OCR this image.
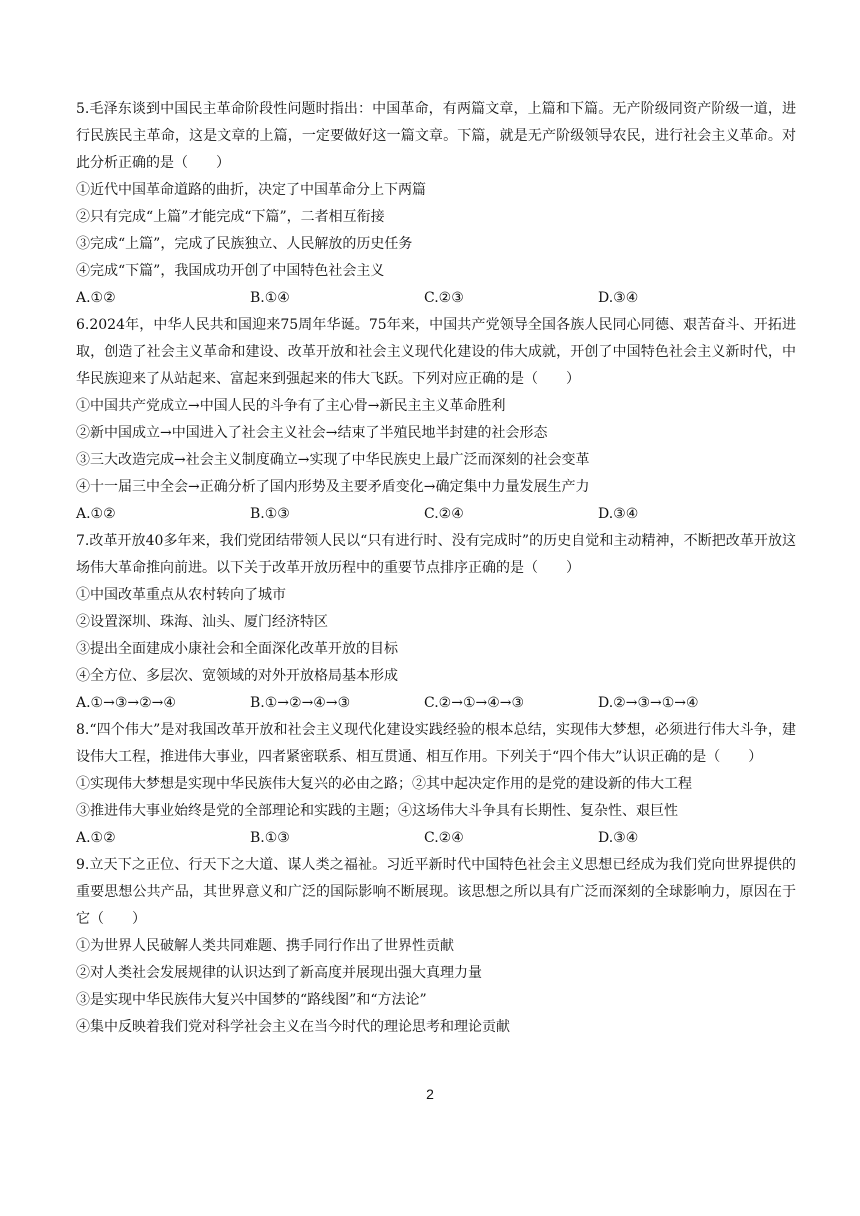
5.毛泽东谈到中国民主革命阶段性问题时指出：中国革命，有两篇文章，上篇和下篇。无产阶级同资产阶级一道，进行民族民主革命，这是文章的上篇，一定要做好这一篇文章。下篇，就是无产阶级领导农民，进行社会主义革命。对此分析正确的是（　　）

①近代中国革命道路的曲折，决定了中国革命分上下两篇

②只有完成“上篇”才能完成“下篇”，二者相互衔接

③完成“上篇”，完成了民族独立、人民解放的历史任务

④完成“下篇”，我国成功开创了中国特色社会主义

A.①②	B.①④	C.②③	D.③④

6.2024年，中华人民共和国迎来75周年华诞。75年来，中国共产党领导全国各族人民同心同德、艰苦奋斗、开拓进取，创造了社会主义革命和建设、改革开放和社会主义现代化建设的伟大成就，开创了中国特色社会主义新时代，中华民族迎来了从站起来、富起来到强起来的伟大飞跃。下列对应正确的是（　　）

①中国共产党成立→中国人民的斗争有了主心骨→新民主主义革命胜利

②新中国成立→中国进入了社会主义社会→结束了半殖民地半封建的社会形态

③三大改造完成→社会主义制度确立→实现了中华民族史上最广泛而深刻的社会变革

④十一届三中全会→正确分析了国内形势及主要矛盾变化→确定集中力量发展生产力

A.①②	B.①③	C.②④	D.③④

7.改革开放40多年来，我们党团结带领人民以“只有进行时、没有完成时”的历史自觉和主动精神，不断把改革开放这场伟大革命推向前进。以下关于改革开放历程中的重要节点排序正确的是（　　）

①中国改革重点从农村转向了城市

②设置深圳、珠海、汕头、厦门经济特区

③提出全面建成小康社会和全面深化改革开放的目标

④全方位、多层次、宽领域的对外开放格局基本形成

A.①→③→②→④	B.①→②→④→③	C.②→①→④→③	D.②→③→①→④

8.“四个伟大”是对我国改革开放和社会主义现代化建设实践经验的根本总结，实现伟大梦想，必须进行伟大斗争，建设伟大工程，推进伟大事业，四者紧密联系、相互贯通、相互作用。下列关于“四个伟大”认识正确的是（　　）

①实现伟大梦想是实现中华民族伟大复兴的必由之路；②其中起决定作用的是党的建设新的伟大工程

③推进伟大事业始终是党的全部理论和实践的主题；④这场伟大斗争具有长期性、复杂性、艰巨性

A.①②	B.①③	C.②④	D.③④

9.立天下之正位、行天下之大道、谋人类之福祉。习近平新时代中国特色社会主义思想已经成为我们党向世界提供的重要思想公共产品，其世界意义和广泛的国际影响不断展现。该思想之所以具有广泛而深刻的全球影响力，原因在于它（　　）

①为世界人民破解人类共同难题、携手同行作出了世界性贡献

②对人类社会发展规律的认识达到了新高度并展现出强大真理力量

③是实现中华民族伟大复兴中国梦的“路线图”和“方法论”

④集中反映着我们党对科学社会主义在当今时代的理论思考和理论贡献

2
